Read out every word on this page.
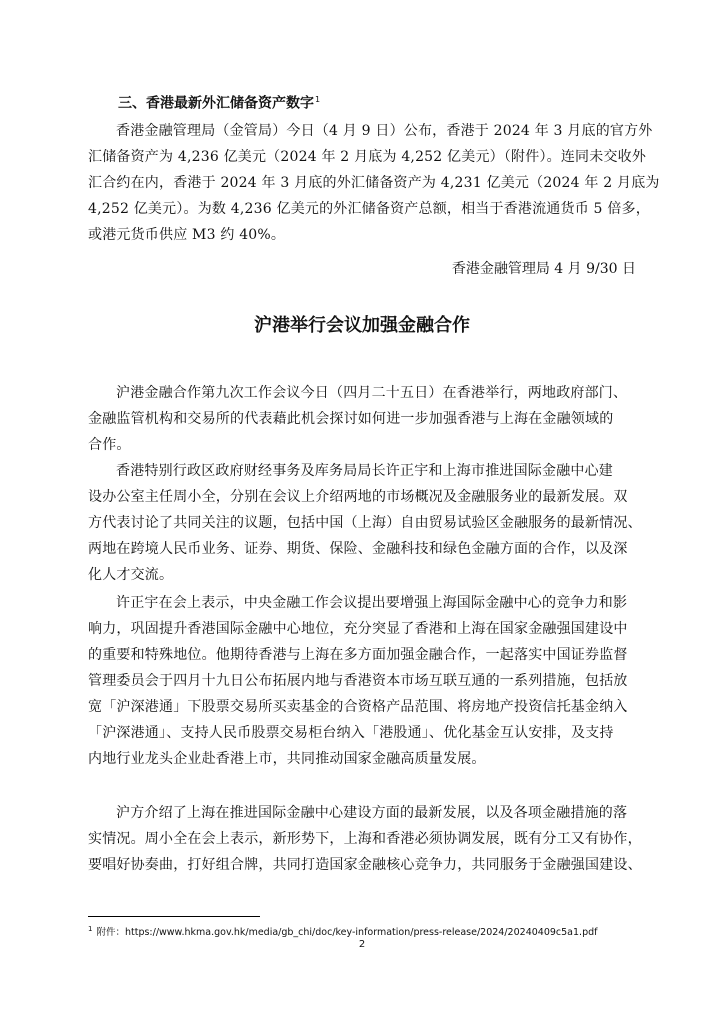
三、香港最新外汇储备资产数字$^1$
香港金融管理局（金管局）今日（4 月 9 日）公布，香港于 2024 年 3 月底的官方外
汇储备资产为 4,236 亿美元（2024 年 2 月底为 4,252 亿美元）（附件）。连同未交收外
汇合约在内，香港于 2024 年 3 月底的外汇储备资产为 4,231 亿美元（2024 年 2 月底为
4,252 亿美元）。为数 4,236 亿美元的外汇储备资产总额，相当于香港流通货币 5 倍多，
或港元货币供应 M3 约 40%。
香港金融管理局 4 月 9/30 日
沪港举行会议加强金融合作
沪港金融合作第九次工作会议今日（四月二十五日）在香港举行，两地政府部门、
金融监管机构和交易所的代表藉此机会探讨如何进一步加强香港与上海在金融领域的
合作。
香港特别行政区政府财经事务及库务局局长许正宇和上海市推进国际金融中心建
设办公室主任周小全，分别在会议上介绍两地的市场概况及金融服务业的最新发展。双
方代表讨论了共同关注的议题，包括中国（上海）自由贸易试验区金融服务的最新情况、
两地在跨境人民币业务、证券、期货、保险、金融科技和绿色金融方面的合作，以及深
化人才交流。
许正宇在会上表示，中央金融工作会议提出要增强上海国际金融中心的竞争力和影
响力，巩固提升香港国际金融中心地位，充分突显了香港和上海在国家金融强国建设中
的重要和特殊地位。他期待香港与上海在多方面加强金融合作，一起落实中国证券监督
管理委员会于四月十九日公布拓展内地与香港资本市场互联互通的一系列措施，包括放
宽「沪深港通」下股票交易所买卖基金的合资格产品范围、将房地产投资信托基金纳入
「沪深港通」、支持人民币股票交易柜台纳入「港股通」、优化基金互认安排，及支持
内地行业龙头企业赴香港上市，共同推动国家金融高质量发展。
沪方介绍了上海在推进国际金融中心建设方面的最新发展，以及各项金融措施的落
实情况。周小全在会上表示，新形势下，上海和香港必须协调发展，既有分工又有协作，
要唱好协奏曲，打好组合牌，共同打造国家金融核心竞争力，共同服务于金融强国建设、
$^1$ 附件：https://www.hkma.gov.hk/media/gb_chi/doc/key-information/press-release/2024/20240409c5a1.pdf
2
